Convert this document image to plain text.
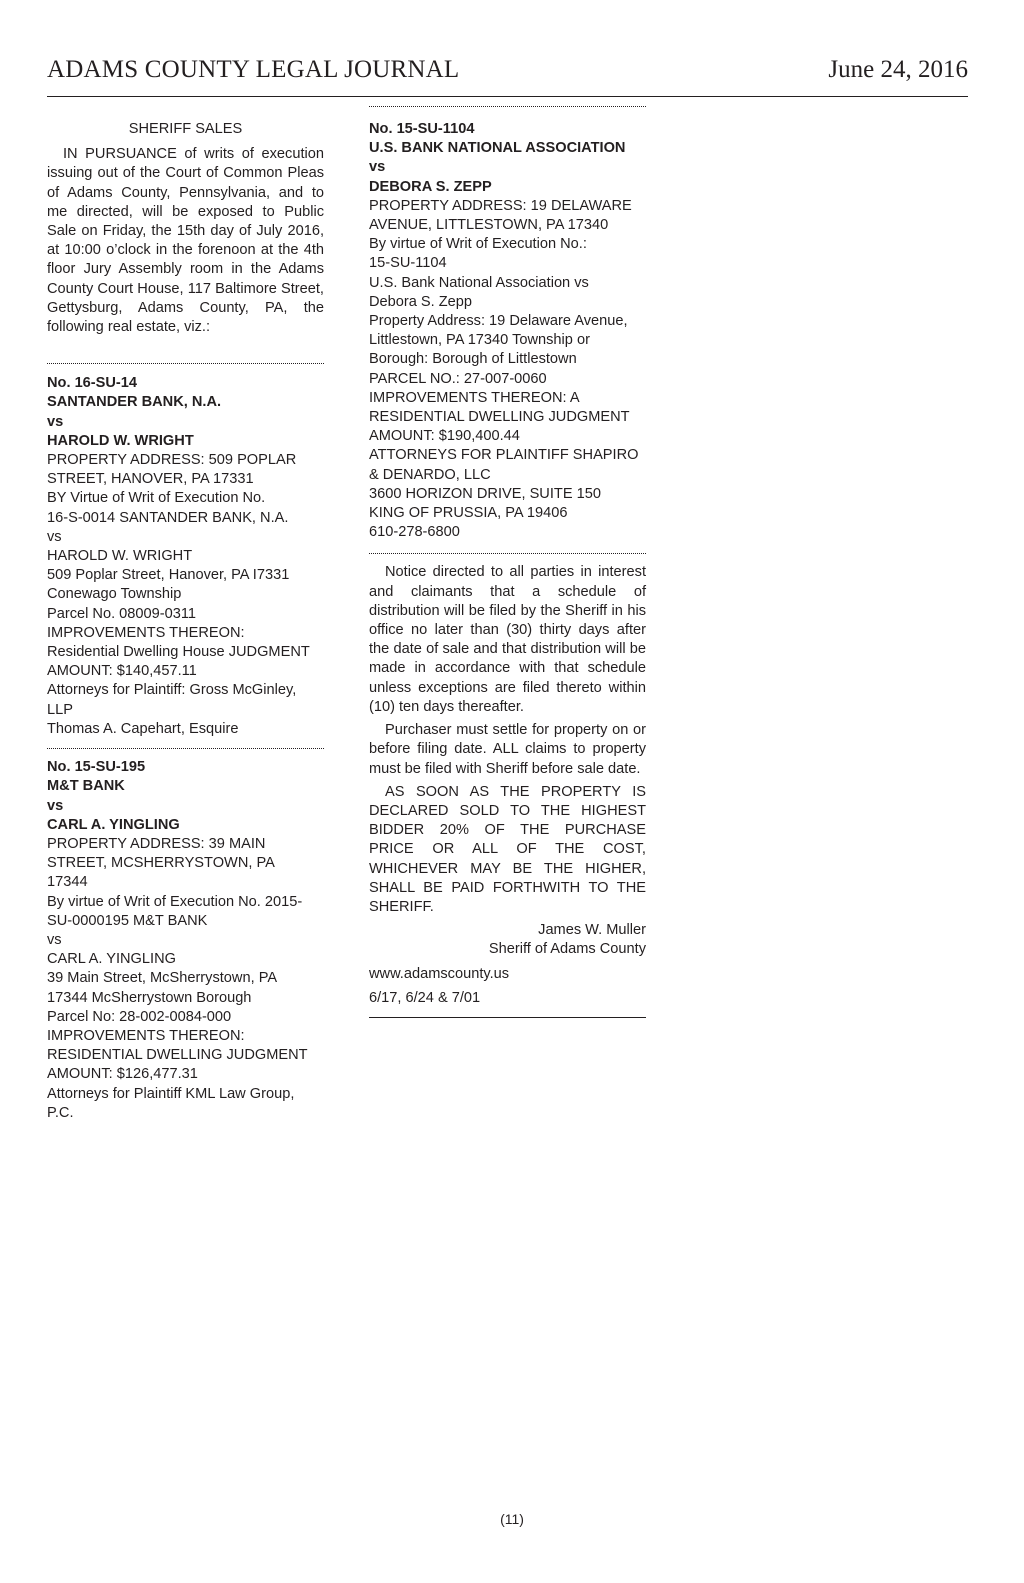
ADAMS COUNTY LEGAL JOURNAL	June 24, 2016
SHERIFF SALES

IN PURSUANCE of writs of execution issuing out of the Court of Common Pleas of Adams County, Pennsylvania, and to me directed, will be exposed to Public Sale on Friday, the 15th day of July 2016, at 10:00 o’clock in the forenoon at the 4th floor Jury Assembly room in the Adams County Court House, 117 Baltimore Street, Gettysburg, Adams County, PA, the following real estate, viz.:

No. 16-SU-14
SANTANDER BANK, N.A.
vs
HAROLD W. WRIGHT
PROPERTY ADDRESS: 509 POPLAR
STREET, HANOVER, PA 17331
BY Virtue of Writ of Execution No.
16-S-0014 SANTANDER BANK, N.A.
vs
HAROLD W. WRIGHT
509 Poplar Street, Hanover, PA I7331
Conewago Township
Parcel No. 08009-0311
IMPROVEMENTS THEREON:
Residential Dwelling House JUDGMENT
AMOUNT: $140,457.11
Attorneys for Plaintiff: Gross McGinley,
LLP
Thomas A. Capehart, Esquire
No. 15-SU-195
M&T BANK
vs
CARL A. YINGLING
PROPERTY ADDRESS: 39 MAIN
STREET, MCSHERRYSTOWN, PA
17344
By virtue of Writ of Execution No. 2015-
SU-0000195 M&T BANK
vs
CARL A. YINGLING
39 Main Street, McSherrystown, PA
17344 McSherrystown Borough
Parcel No: 28-002-0084-000
IMPROVEMENTS THEREON:
RESIDENTIAL DWELLING JUDGMENT
AMOUNT: $126,477.31
Attorneys for Plaintiff KML Law Group,
P.C.
No. 15-SU-1104
U.S. BANK NATIONAL ASSOCIATION
vs
DEBORA S. ZEPP
PROPERTY ADDRESS: 19 DELAWARE
AVENUE, LITTLESTOWN, PA 17340
By virtue of Writ of Execution No.:
15-SU-1104
U.S. Bank National Association vs
Debora S. Zepp
Property Address: 19 Delaware Avenue,
Littlestown, PA 17340 Township or
Borough: Borough of Littlestown
PARCEL NO.: 27-007-0060
IMPROVEMENTS THEREON: A
RESIDENTIAL DWELLING JUDGMENT
AMOUNT: $190,400.44
ATTORNEYS FOR PLAINTIFF SHAPIRO
& DENARDO, LLC
3600 HORIZON DRIVE, SUITE 150
KING OF PRUSSIA, PA 19406
610-278-6800

Notice directed to all parties in interest and claimants that a schedule of distribution will be filed by the Sheriff in his office no later than (30) thirty days after the date of sale and that distribution will be made in accordance with that schedule unless exceptions are filed thereto within (10) ten days thereafter.

Purchaser must settle for property on or before filing date. ALL claims to property must be filed with Sheriff before sale date.

AS SOON AS THE PROPERTY IS DECLARED SOLD TO THE HIGHEST BIDDER 20% OF THE PURCHASE PRICE OR ALL OF THE COST, WHICHEVER MAY BE THE HIGHER, SHALL BE PAID FORTHWITH TO THE SHERIFF.

James W. Muller
Sheriff of Adams County
www.adamscounty.us
6/17, 6/24 & 7/01
(11)
